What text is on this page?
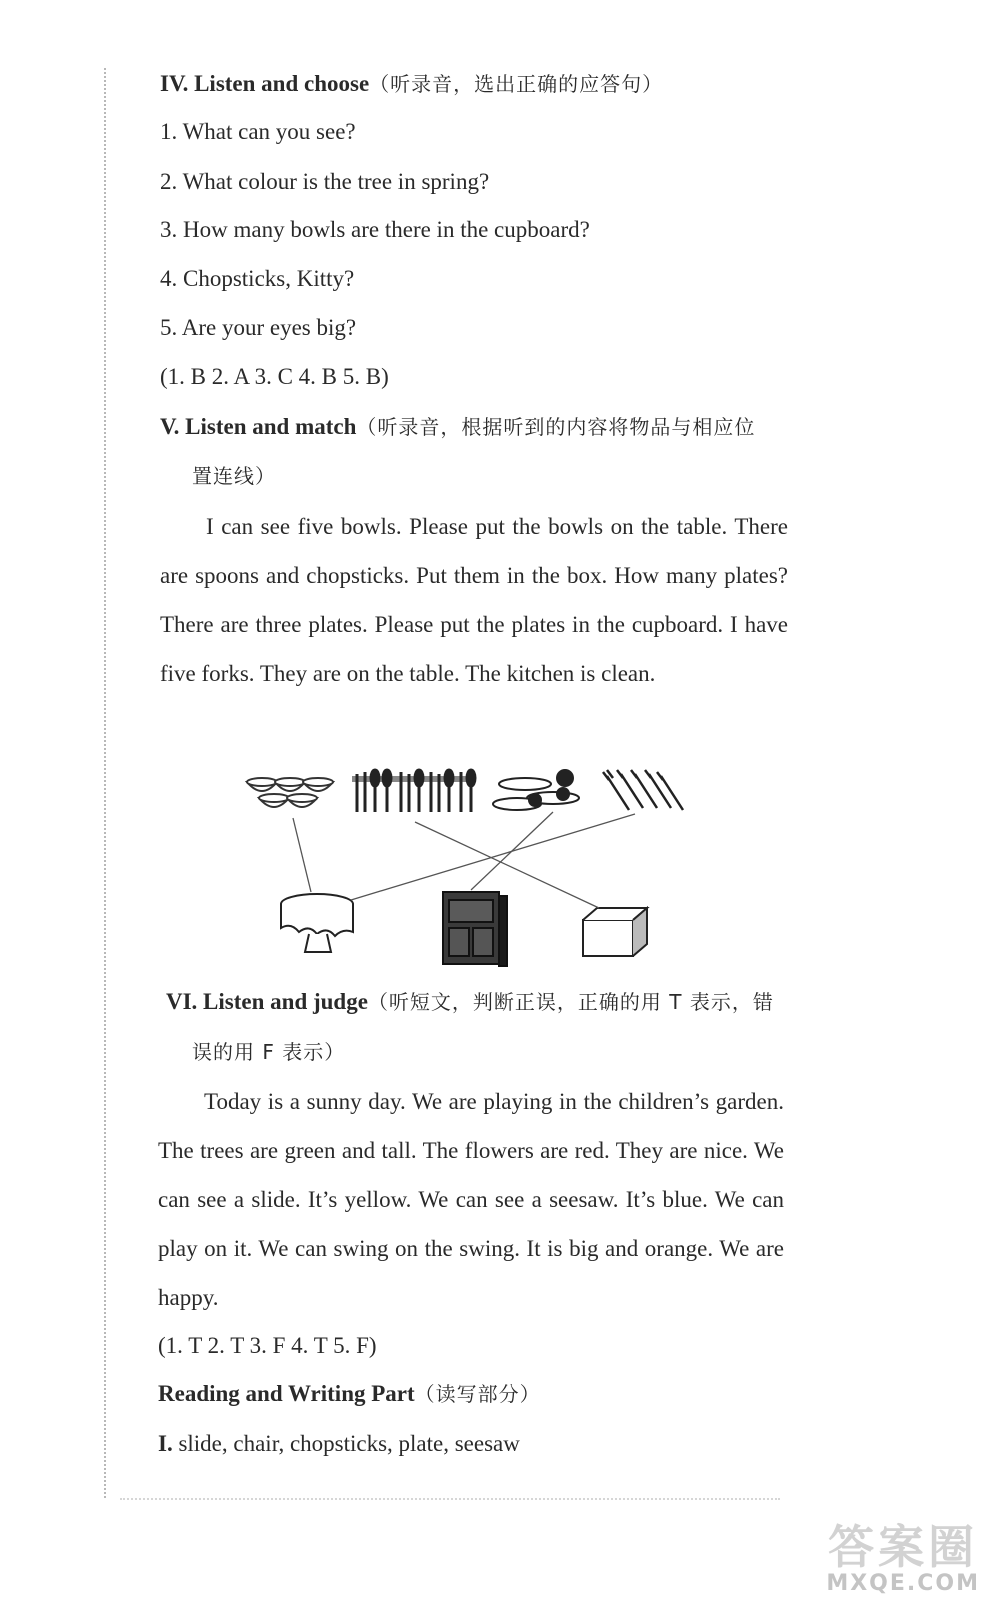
IV. Listen and choose（听录音，选出正确的应答句）
1. What can you see?
2. What colour is the tree in spring?
3. How many bowls are there in the cupboard?
4. Chopsticks, Kitty?
5. Are your eyes big?
(1. B 2. A 3. C 4. B 5. B)
V. Listen and match（听录音，根据听到的内容将物品与相应位
置连线）
I can see five bowls. Please put the bowls on the table. There are spoons and chopsticks. Put them in the box. How many plates? There are three plates. Please put the plates in the cupboard. I have five forks. They are on the table. The kitchen is clean.
VI. Listen and judge（听短文，判断正误，正确的用 T 表示，错
误的用 F 表示）
Today is a sunny day. We are playing in the children’s garden. The trees are green and tall. The flowers are red. They are nice. We can see a slide. It’s yellow. We can see a seesaw. It’s blue. We can play on it. We can swing on the swing. It is big and orange. We are happy.
(1. T 2. T 3. F 4. T 5. F)
Reading and Writing Part（读写部分）
I. slide, chair, chopsticks, plate, seesaw
答案圈
MXQE.COM
